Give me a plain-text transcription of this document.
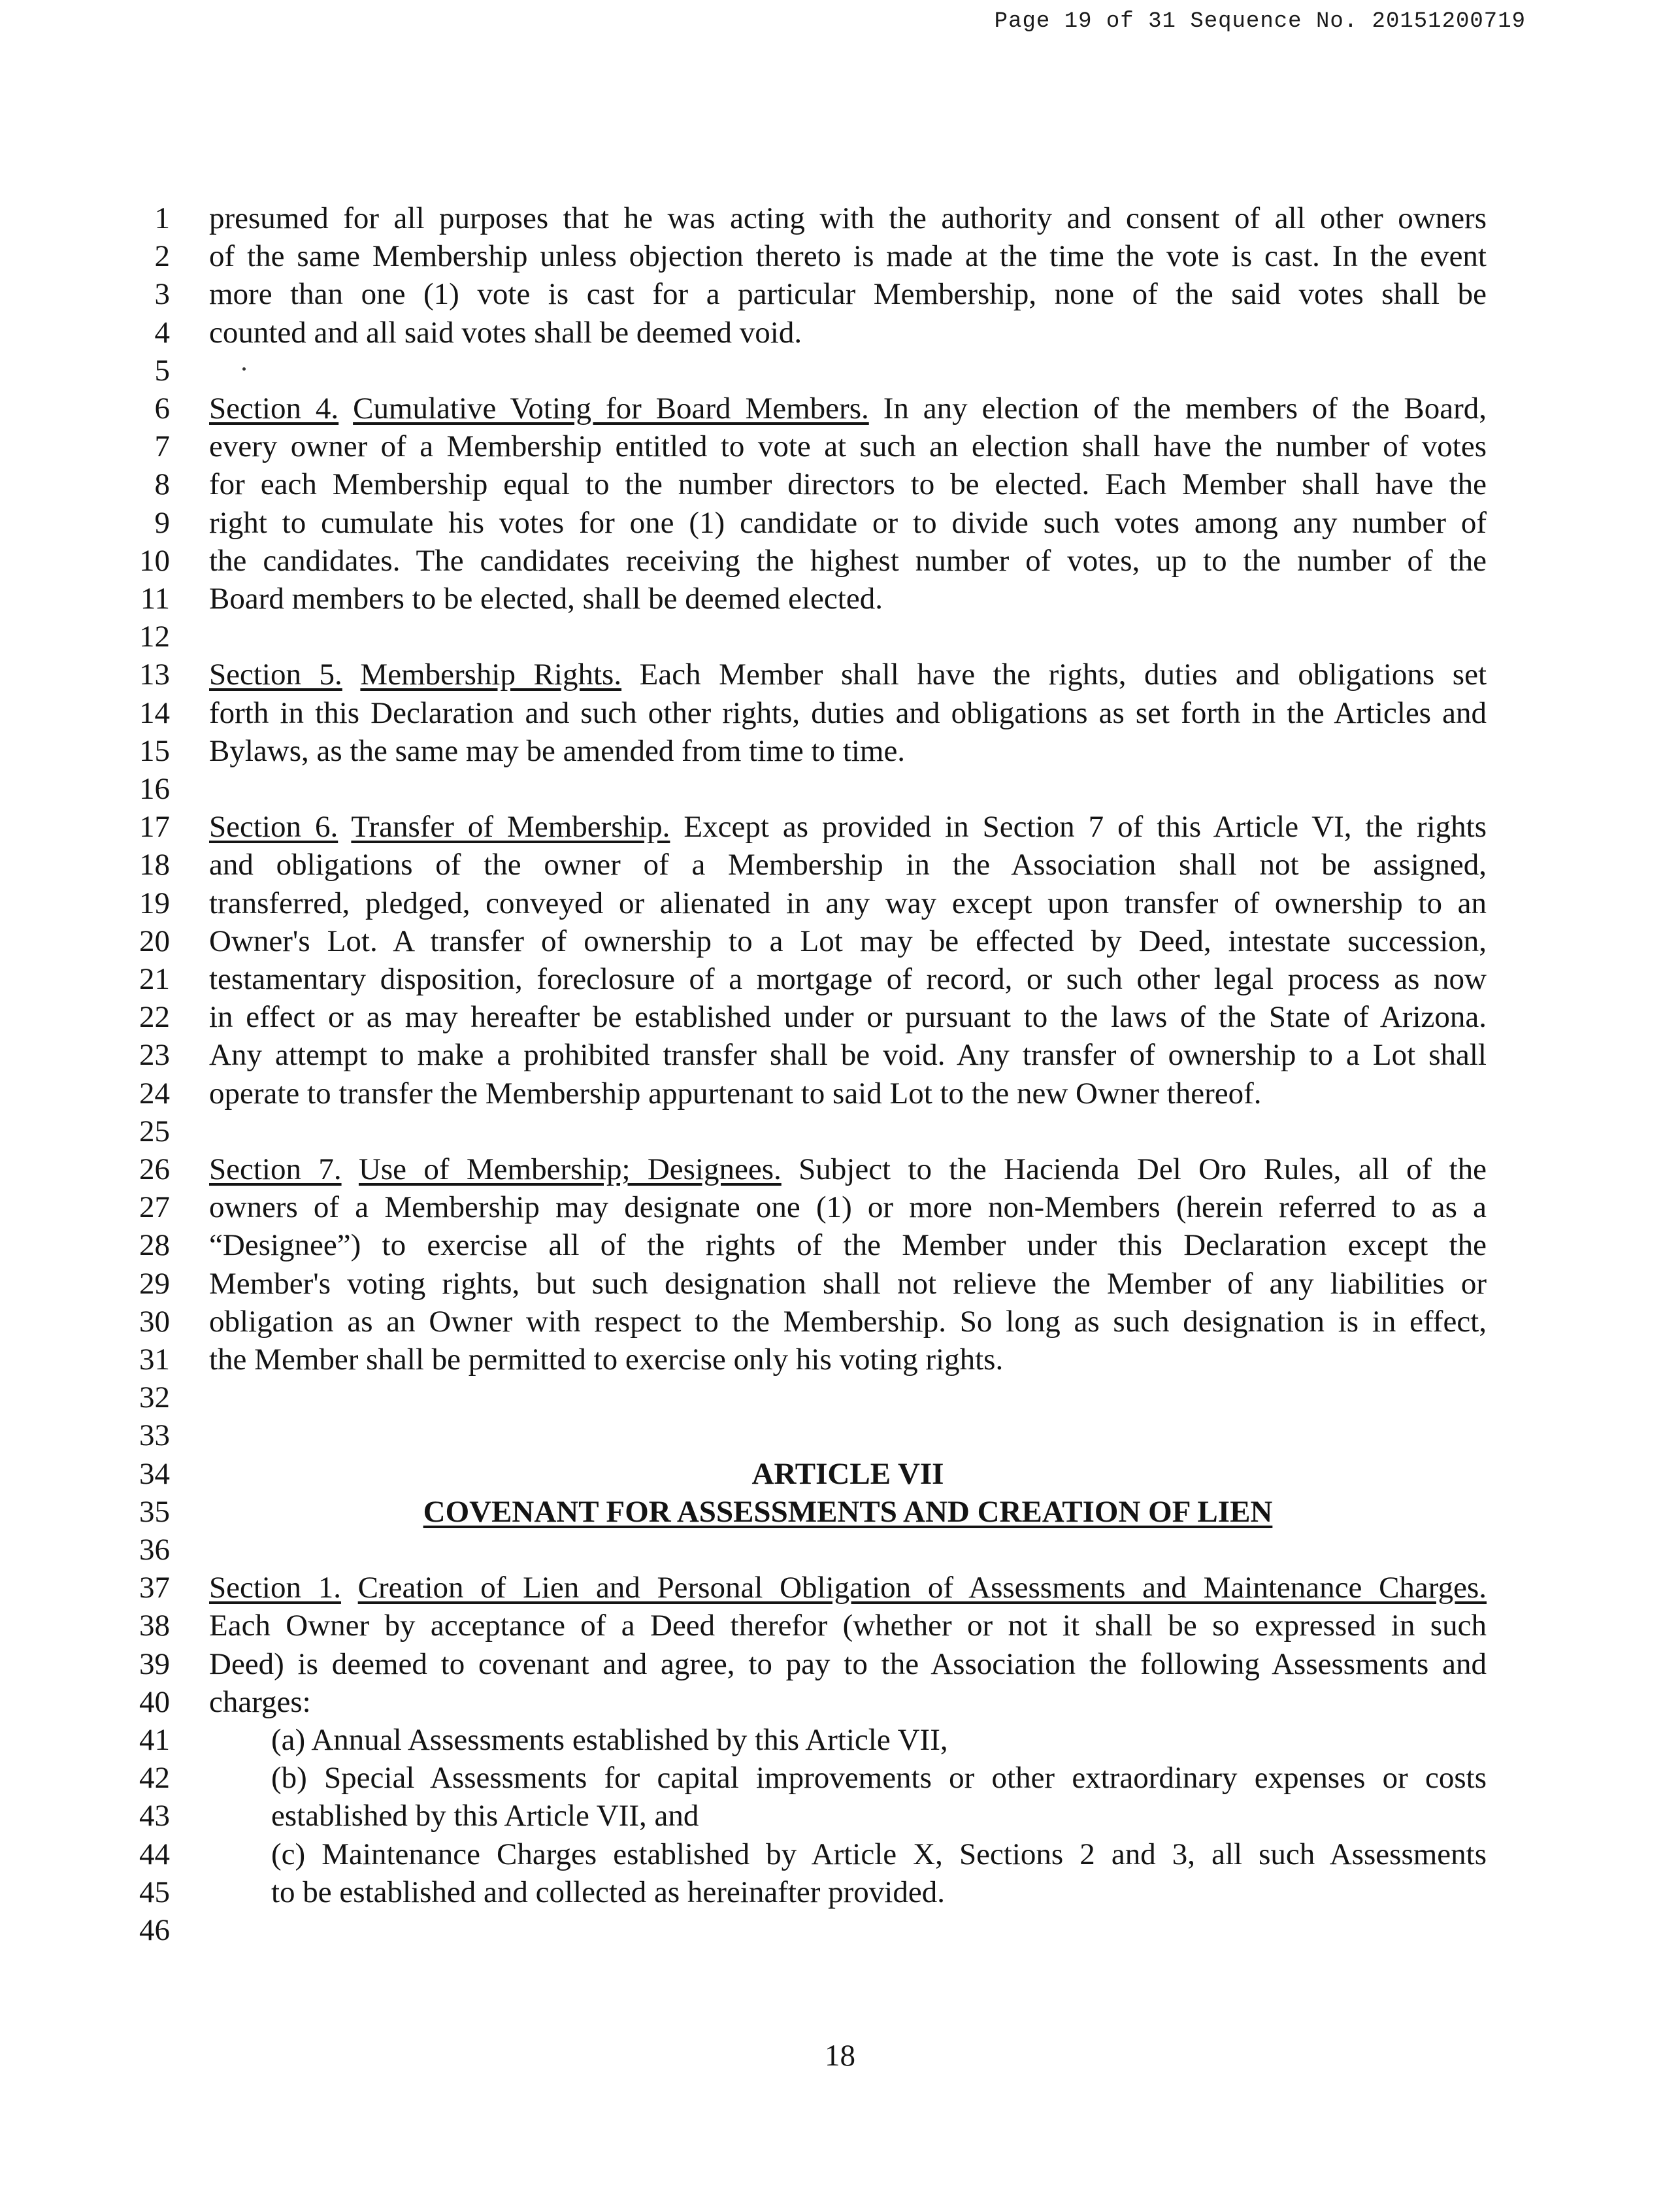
Page 19 of 31 Sequence No. 20151200719
1 presumed for all purposes that he was acting with the authority and consent of all other owners
2 of the same Membership unless objection thereto is made at the time the vote is cast. In the event
3 more than one (1) vote is cast for a particular Membership, none of the said votes shall be
4 counted and all said votes shall be deemed void.
5
6 Section 4. Cumulative Voting for Board Members. In any election of the members of the Board,
7 every owner of a Membership entitled to vote at such an election shall have the number of votes
8 for each Membership equal to the number directors to be elected. Each Member shall have the
9 right to cumulate his votes for one (1) candidate or to divide such votes among any number of
10 the candidates. The candidates receiving the highest number of votes, up to the number of the
11 Board members to be elected, shall be deemed elected.
12
13 Section 5. Membership Rights. Each Member shall have the rights, duties and obligations set
14 forth in this Declaration and such other rights, duties and obligations as set forth in the Articles and
15 Bylaws, as the same may be amended from time to time.
16
17 Section 6. Transfer of Membership. Except as provided in Section 7 of this Article VI, the rights
18 and obligations of the owner of a Membership in the Association shall not be assigned,
19 transferred, pledged, conveyed or alienated in any way except upon transfer of ownership to an
20 Owner's Lot. A transfer of ownership to a Lot may be effected by Deed, intestate succession,
21 testamentary disposition, foreclosure of a mortgage of record, or such other legal process as now
22 in effect or as may hereafter be established under or pursuant to the laws of the State of Arizona.
23 Any attempt to make a prohibited transfer shall be void. Any transfer of ownership to a Lot shall
24 operate to transfer the Membership appurtenant to said Lot to the new Owner thereof.
25
26 Section 7. Use of Membership; Designees. Subject to the Hacienda Del Oro Rules, all of the
27 owners of a Membership may designate one (1) or more non-Members (herein referred to as a
28 “Designee”) to exercise all of the rights of the Member under this Declaration except the
29 Member's voting rights, but such designation shall not relieve the Member of any liabilities or
30 obligation as an Owner with respect to the Membership. So long as such designation is in effect,
31 the Member shall be permitted to exercise only his voting rights.
32
33
34	ARTICLE VII
35	COVENANT FOR ASSESSMENTS AND CREATION OF LIEN
36
37 Section 1. Creation of Lien and Personal Obligation of Assessments and Maintenance Charges.
38 Each Owner by acceptance of a Deed therefor (whether or not it shall be so expressed in such
39 Deed) is deemed to covenant and agree, to pay to the Association the following Assessments and
40 charges:
41	(a) Annual Assessments established by this Article VII,
42	(b) Special Assessments for capital improvements or other extraordinary expenses or costs
43	established by this Article VII, and
44	(c) Maintenance Charges established by Article X, Sections 2 and 3, all such Assessments
45	to be established and collected as hereinafter provided.
46
18
